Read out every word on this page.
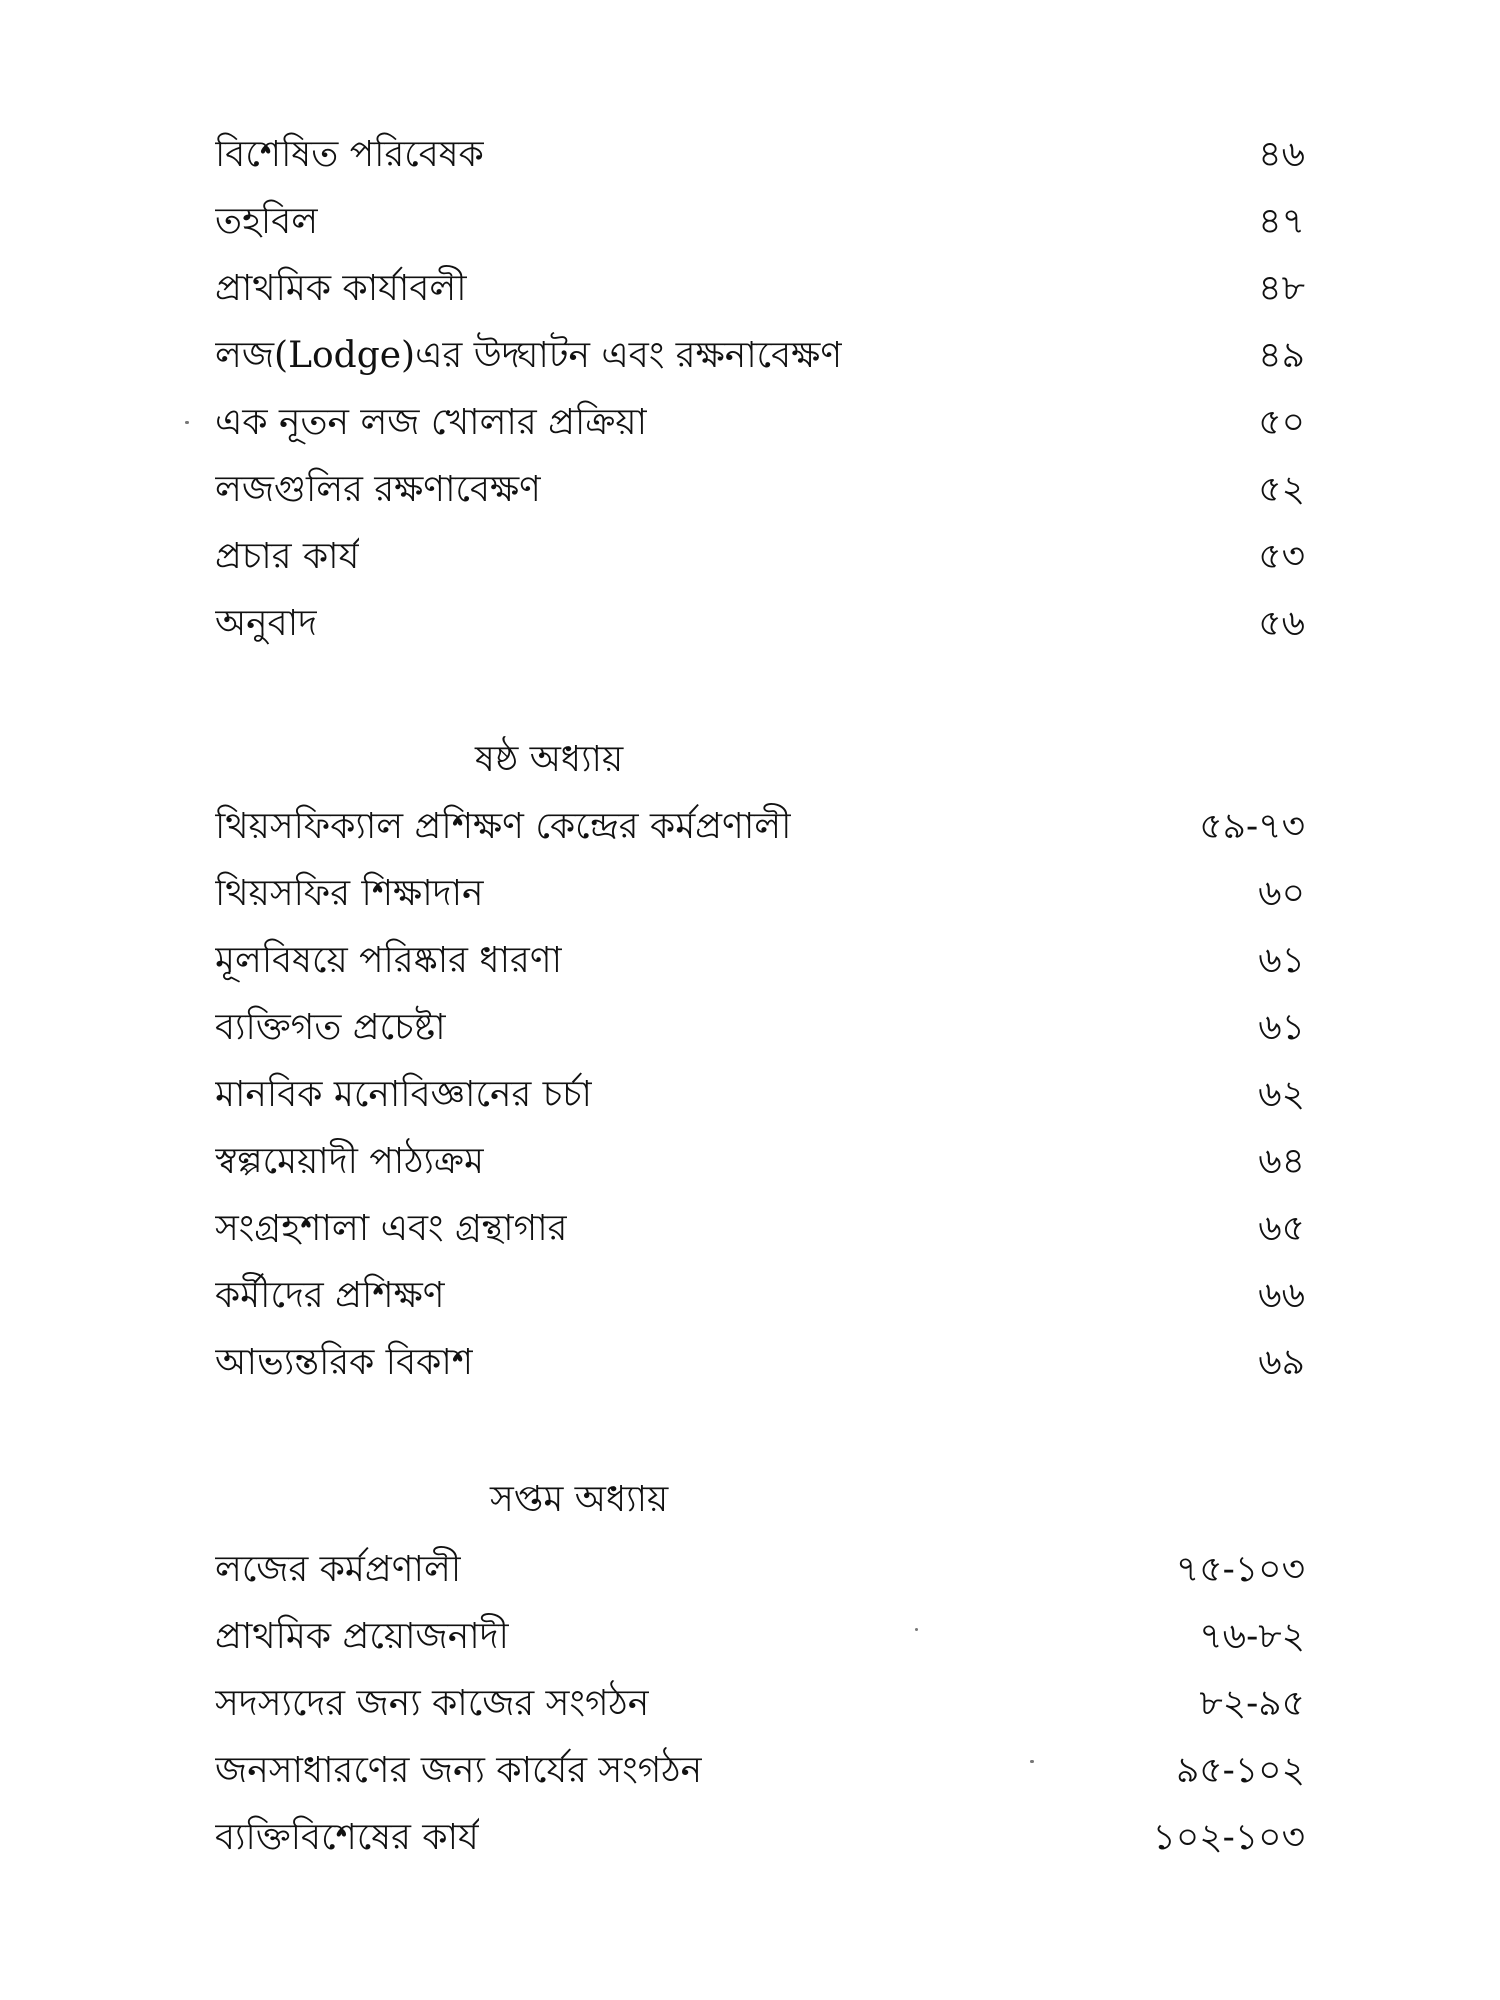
বিশেষিত পরিবেষক	৪৬
তহবিল	৪৭
প্রাথমিক কার্যাবলী	৪৮
লজ(Lodge)এর উদ্ঘাটন এবং রক্ষনাবেক্ষণ	৪৯
এক নূতন লজ খোলার প্রক্রিয়া	৫০
লজগুলির রক্ষণাবেক্ষণ	৫২
প্রচার কার্য	৫৩
অনুবাদ	৫৬
ষষ্ঠ অধ্যায়
থিয়সফিক্যাল প্রশিক্ষণ কেন্দ্রের কর্মপ্রণালী	৫৯-৭৩
থিয়সফির শিক্ষাদান	৬০
মূলবিষয়ে পরিষ্কার ধারণা	৬১
ব্যক্তিগত প্রচেষ্টা	৬১
মানবিক মনোবিজ্ঞানের চর্চা	৬২
স্বল্পমেয়াদী পাঠ্যক্রম	৬৪
সংগ্রহশালা এবং গ্রন্থাগার	৬৫
কর্মীদের প্রশিক্ষণ	৬৬
আভ্যন্তরিক বিকাশ	৬৯
সপ্তম অধ্যায়
লজের কর্মপ্রণালী	৭৫-১০৩
প্রাথমিক প্রয়োজনাদী	৭৬-৮২
সদস্যদের জন্য কাজের সংগঠন	৮২-৯৫
জনসাধারণের জন্য কার্যের সংগঠন	৯৫-১০২
ব্যক্তিবিশেষের কার্য	১০২-১০৩
